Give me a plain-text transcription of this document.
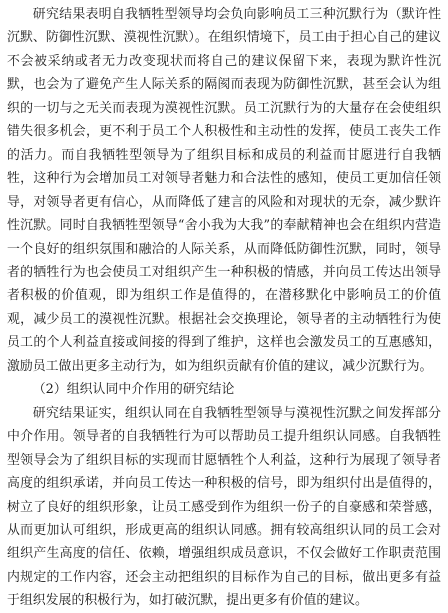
研究结果表明自我牺牲型领导均会负向影响员工三种沉默行为（默许性沉默、防御性沉默、漠视性沉默）。在组织情境下，员工由于担心自己的建议不会被采纳或者无力改变现状而将自己的建议保留下来，表现为默许性沉默，也会为了避免产生人际关系的隔阂而表现为防御性沉默，甚至会认为组织的一切与之无关而表现为漠视性沉默。员工沉默行为的大量存在会使组织错失很多机会，更不利于员工个人积极性和主动性的发挥，使员工丧失工作的活力。而自我牺牲型领导为了组织目标和成员的利益而甘愿进行自我牺牲，这种行为会增加员工对领导者魅力和合法性的感知，使员工更加信任领导，对领导者更有信心，从而降低了建言的风险和对现状的无奈，减少默许性沉默。同时自我牺牲型领导“舍小我为大我”的奉献精神也会在组织内营造一个良好的组织氛围和融洽的人际关系，从而降低防御性沉默，同时，领导者的牺牲行为也会使员工对组织产生一种积极的情感，并向员工传达出领导者积极的价值观，即为组织工作是值得的，在潜移默化中影响员工的价值观，减少员工的漠视性沉默。根据社会交换理论，领导者的主动牺牲行为使员工的个人利益直接或间接的得到了维护，这样也会激发员工的互惠感知，激励员工做出更多主动行为，如为组织贡献有价值的建议，减少沉默行为。

（2）组织认同中介作用的研究结论

研究结果证实，组织认同在自我牺牲型领导与漠视性沉默之间发挥部分中介作用。领导者的自我牺牲行为可以帮助员工提升组织认同感。自我牺牲型领导会为了组织目标的实现而甘愿牺牲个人利益，这种行为展现了领导者高度的组织承诺，并向员工传达一种积极的信号，即为组织付出是值得的，树立了良好的组织形象，让员工感受到作为组织一份子的自豪感和荣誉感，从而更加认可组织，形成更高的组织认同感。拥有较高组织认同的员工会对组织产生高度的信任、依赖，增强组织成员意识，不仅会做好工作职责范围内规定的工作内容，还会主动把组织的目标作为自己的目标，做出更多有益于组织发展的积极行为，如打破沉默，提出更多有价值的建议。
